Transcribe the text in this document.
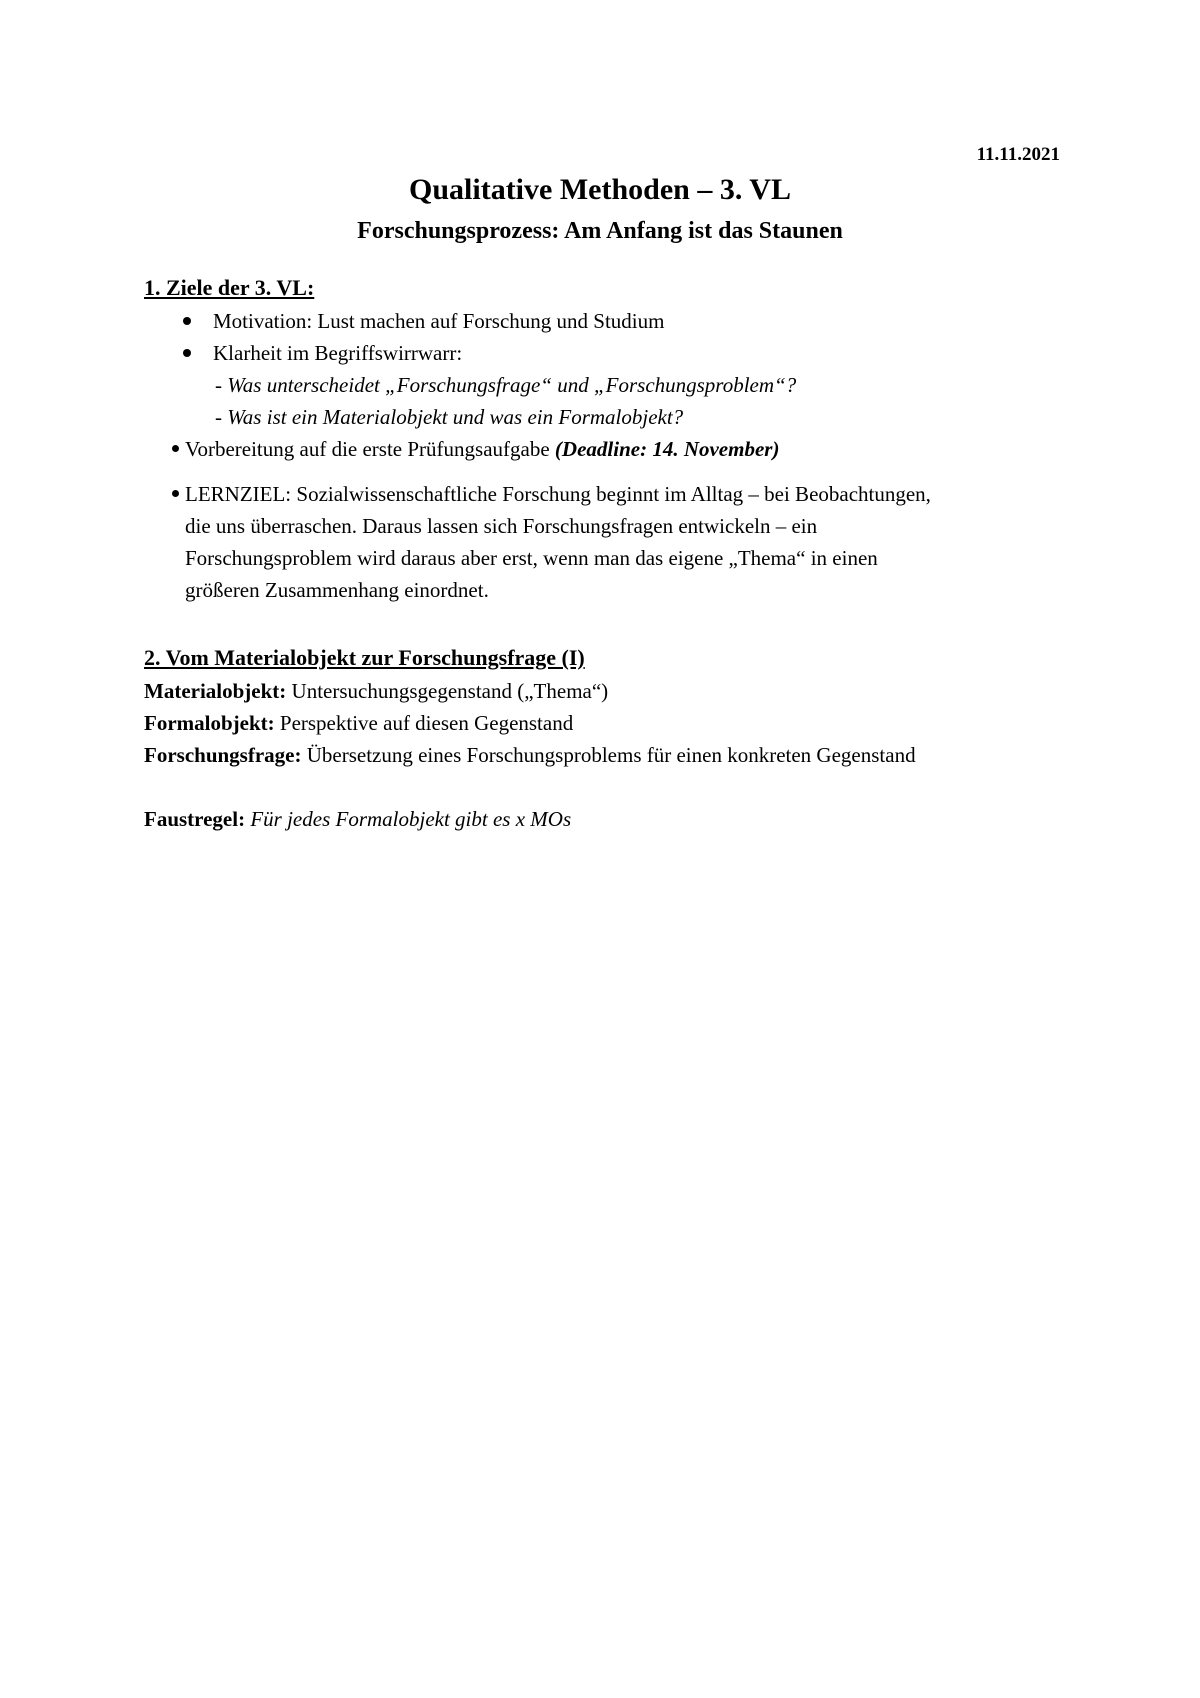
11.11.2021
Qualitative Methoden – 3. VL
Forschungsprozess: Am Anfang ist das Staunen
1. Ziele der 3. VL:
Motivation: Lust machen auf Forschung und Studium
Klarheit im Begriffswirrwarr:
- Was unterscheidet „Forschungsfrage“ und „Forschungsproblem“?
- Was ist ein Materialobjekt und was ein Formalobjekt?
Vorbereitung auf die erste Prüfungsaufgabe (Deadline: 14. November)
LERNZIEL: Sozialwissenschaftliche Forschung beginnt im Alltag – bei Beobachtungen,
die uns überraschen. Daraus lassen sich Forschungsfragen entwickeln – ein
Forschungsproblem wird daraus aber erst, wenn man das eigene „Thema“ in einen
größeren Zusammenhang einordnet.
2. Vom Materialobjekt zur Forschungsfrage (I)
Materialobjekt: Untersuchungsgegenstand („Thema“)
Formalobjekt: Perspektive auf diesen Gegenstand
Forschungsfrage: Übersetzung eines Forschungsproblems für einen konkreten Gegenstand
Faustregel: Für jedes Formalobjekt gibt es x MOs
